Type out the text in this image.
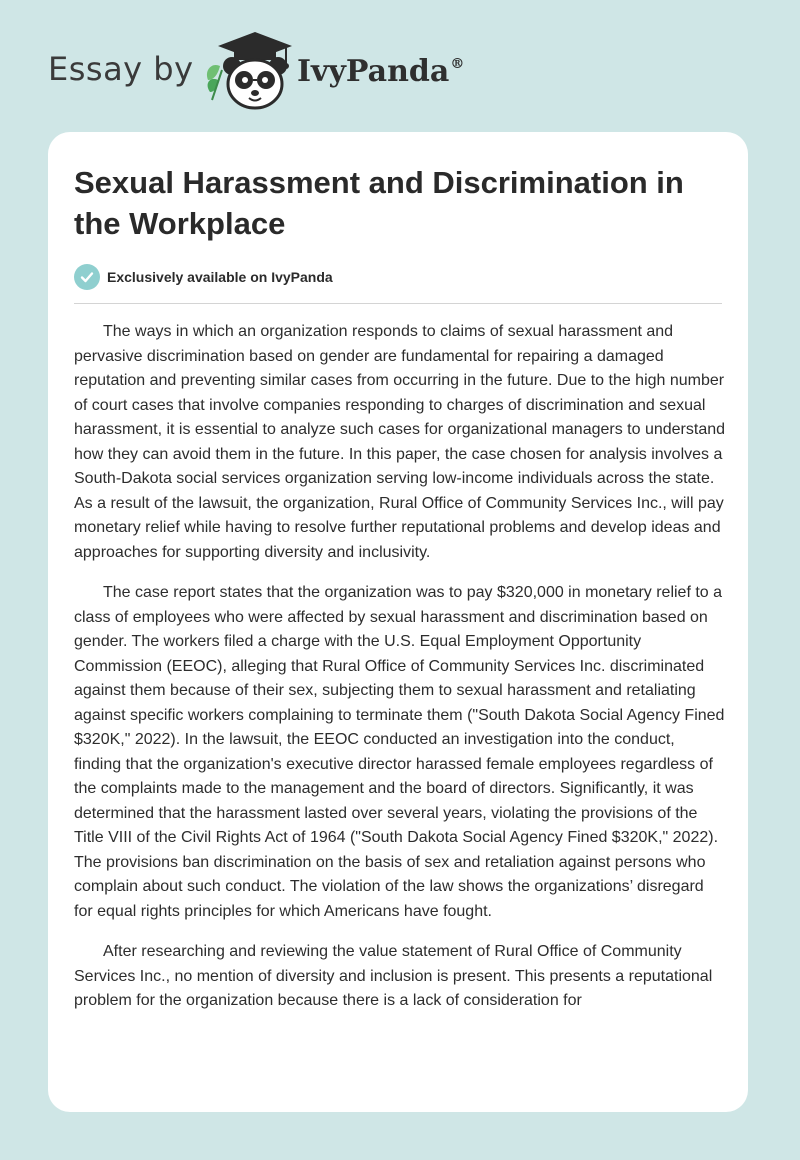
Essay by	IvyPanda®
Sexual Harassment and Discrimination in the Workplace
Exclusively available on IvyPanda

The ways in which an organization responds to claims of sexual harassment and pervasive discrimination based on gender are fundamental for repairing a damaged reputation and preventing similar cases from occurring in the future. Due to the high number of court cases that involve companies responding to charges of discrimination and sexual harassment, it is essential to analyze such cases for organizational managers to understand how they can avoid them in the future. In this paper, the case chosen for analysis involves a South-Dakota social services organization serving low-income individuals across the state. As a result of the lawsuit, the organization, Rural Office of Community Services Inc., will pay monetary relief while having to resolve further reputational problems and develop ideas and approaches for supporting diversity and inclusivity.

The case report states that the organization was to pay $320,000 in monetary relief to a class of employees who were affected by sexual harassment and discrimination based on gender. The workers filed a charge with the U.S. Equal Employment Opportunity Commission (EEOC), alleging that Rural Office of Community Services Inc. discriminated against them because of their sex, subjecting them to sexual harassment and retaliating against specific workers complaining to terminate them ("South Dakota Social Agency Fined $320K," 2022). In the lawsuit, the EEOC conducted an investigation into the conduct, finding that the organization's executive director harassed female employees regardless of the complaints made to the management and the board of directors. Significantly, it was determined that the harassment lasted over several years, violating the provisions of the Title VIII of the Civil Rights Act of 1964 ("South Dakota Social Agency Fined $320K," 2022). The provisions ban discrimination on the basis of sex and retaliation against persons who complain about such conduct. The violation of the law shows the organizations’ disregard for equal rights principles for which Americans have fought.

After researching and reviewing the value statement of Rural Office of Community Services Inc., no mention of diversity and inclusion is present. This presents a reputational problem for the organization because there is a lack of consideration for
